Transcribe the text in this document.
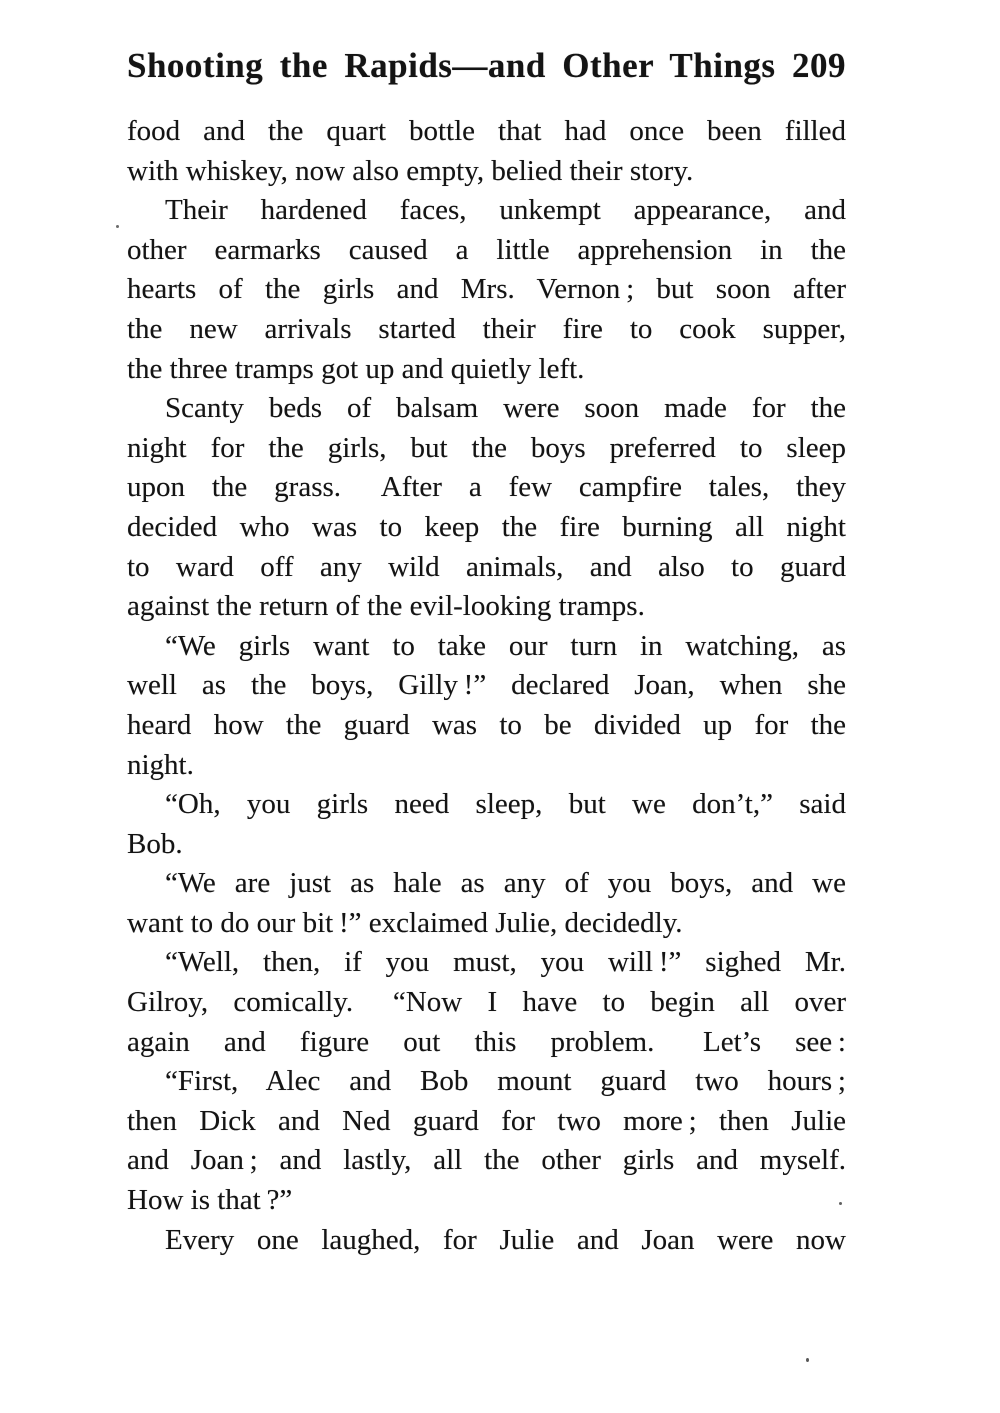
Shooting the Rapids—and Other Things 209
food and the quart bottle that had once been filled
with whiskey, now also empty, belied their story.
Their hardened faces, unkempt appearance, and
other earmarks caused a little apprehension in the
hearts of the girls and Mrs. Vernon ; but soon after
the new arrivals started their fire to cook supper,
the three tramps got up and quietly left.
Scanty beds of balsam were soon made for the
night for the girls, but the boys preferred to sleep
upon the grass.  After a few campfire tales, they
decided who was to keep the fire burning all night
to ward off any wild animals, and also to guard
against the return of the evil-looking tramps.
“We girls want to take our turn in watching, as
well as the boys, Gilly !” declared Joan, when she
heard how the guard was to be divided up for the
night.
“Oh, you girls need sleep, but we don’t,” said
Bob.
“We are just as hale as any of you boys, and we
want to do our bit !” exclaimed Julie, decidedly.
“Well, then, if you must, you will !” sighed Mr.
Gilroy, comically.  “Now I have to begin all over
again and figure out this problem.  Let’s see :
“First, Alec and Bob mount guard two hours ;
then Dick and Ned guard for two more ; then Julie
and Joan ; and lastly, all the other girls and myself.
How is that ?”
Every one laughed, for Julie and Joan were now
